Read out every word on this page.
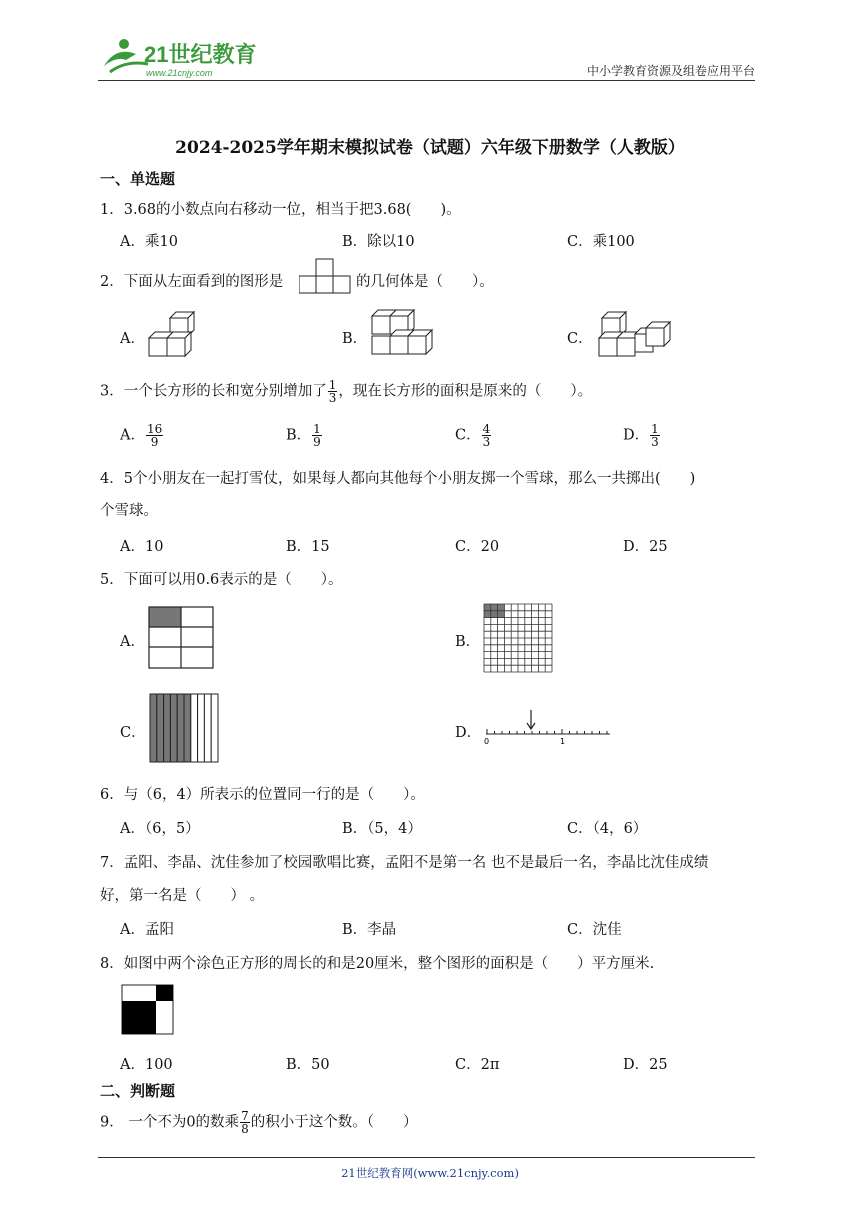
21世纪教育
www.21cnjy.com	中小学教育资源及组卷应用平台
2024-2025学年期末模拟试卷（试题）六年级下册数学（人教版）
一、单选题
1．3.68的小数点向右移动一位，相当于把3.68(　　)。
A．乘10	B．除以10	C．乘100
2．下面从左面看到的图形是	的几何体是（　　）。
A．	B．	C．
3．一个长方形的长和宽分别增加了 $\frac{1}{3}$ ，现在长方形的面积是原来的（　　）。
A． $\frac{16}{9}$	B． $\frac{1}{9}$	C． $\frac{4}{3}$	D． $\frac{1}{3}$
4．5个小朋友在一起打雪仗，如果每人都向其他每个小朋友掷一个雪球，那么一共掷出(　　)
个雪球。
A．10	B．15	C．20	D．25
5．下面可以用0.6表示的是（　　）。
A．	B．
C．	D．
0	1
6．与（6，4）所表示的位置同一行的是（　　）。
A．（6，5）	B．（5，4）	C．（4，6）
7．孟阳、李晶、沈佳参加了校园歌唱比赛，孟阳不是第一名 也不是最后一名，李晶比沈佳成绩
好，第一名是（　　） 。
A．孟阳	B．李晶	C．沈佳
8．如图中两个涂色正方形的周长的和是20厘米，整个图形的面积是（　　）平方厘米.
A．100	B．50	C．2π	D．25
二、判断题
9． 一个不为0的数乘 $\frac{7}{8}$ 的积小于这个数。（　　）
21世纪教育网(www.21cnjy.com)
